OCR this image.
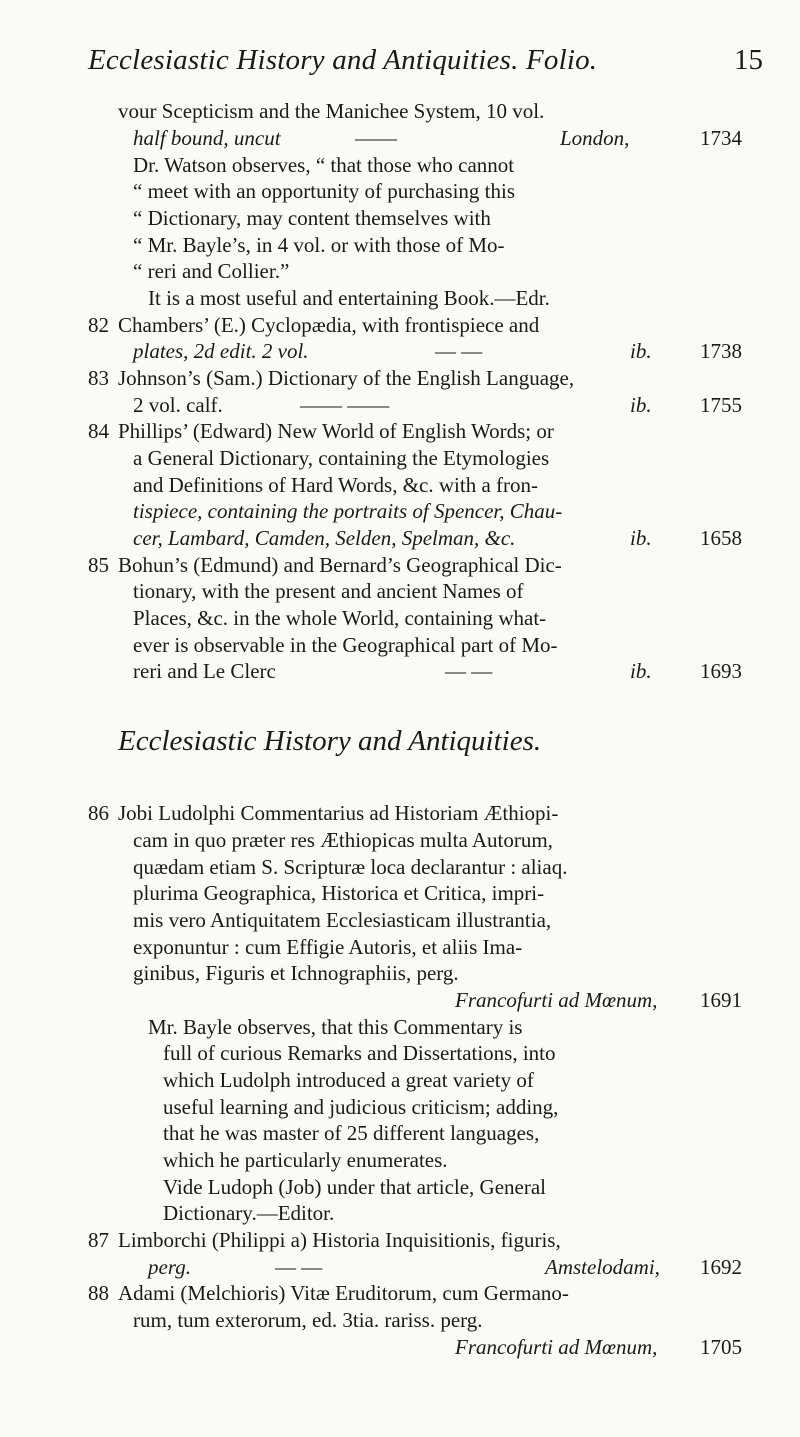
Ecclesiastic History and Antiquities. Folio.	15
vour Scepticism and the Manichee System, 10 vol.
half bound, uncut	——	London,	1734
Dr. Watson observes, “ that those who cannot
“ meet with an opportunity of purchasing this
“ Dictionary, may content themselves with
“ Mr. Bayle’s, in 4 vol. or with those of Mo-
“ reri and Collier.”
It is a most useful and entertaining Book.—Edr.
82 Chambers’ (E.) Cyclopædia, with frontispiece and
plates, 2d edit. 2 vol.	— —	ib. 1738
83 Johnson’s (Sam.) Dictionary of the English Language,
2 vol. calf.	—— ——	ib. 1755
84 Phillips’ (Edward) New World of English Words; or
a General Dictionary, containing the Etymologies
and Definitions of Hard Words, &c. with a fron-
tispiece, containing the portraits of Spencer, Chau-
cer, Lambard, Camden, Selden, Spelman, &c.	ib. 1658
85 Bohun’s (Edmund) and Bernard’s Geographical Dic-
tionary, with the present and ancient Names of
Places, &c. in the whole World, containing what-
ever is observable in the Geographical part of Mo-
reri and Le Clerc	— —	ib. 1693
Ecclesiastic History and Antiquities.
86 Jobi Ludolphi Commentarius ad Historiam Æthiopi-
cam in quo præter res Æthiopicas multa Autorum,
quædam etiam S. Scripturæ loca declarantur : aliaq.
plurima Geographica, Historica et Critica, impri-
mis vero Antiquitatem Ecclesiasticam illustrantia,
exponuntur : cum Effigie Autoris, et aliis Ima-
ginibus, Figuris et Ichnographiis, perg.
Francofurti ad Mœnum, 1691
Mr. Bayle observes, that this Commentary is
full of curious Remarks and Dissertations, into
which Ludolph introduced a great variety of
useful learning and judicious criticism; adding,
that he was master of 25 different languages,
which he particularly enumerates.
Vide Ludoph (Job) under that article, General
Dictionary.—Editor.
87 Limborchi (Philippi a) Historia Inquisitionis, figuris,
perg.	— —	Amstelodami, 1692
88 Adami (Melchioris) Vitæ Eruditorum, cum Germano-
rum, tum exterorum, ed. 3tia. rariss. perg.
Francofurti ad Mœnum, 1705
